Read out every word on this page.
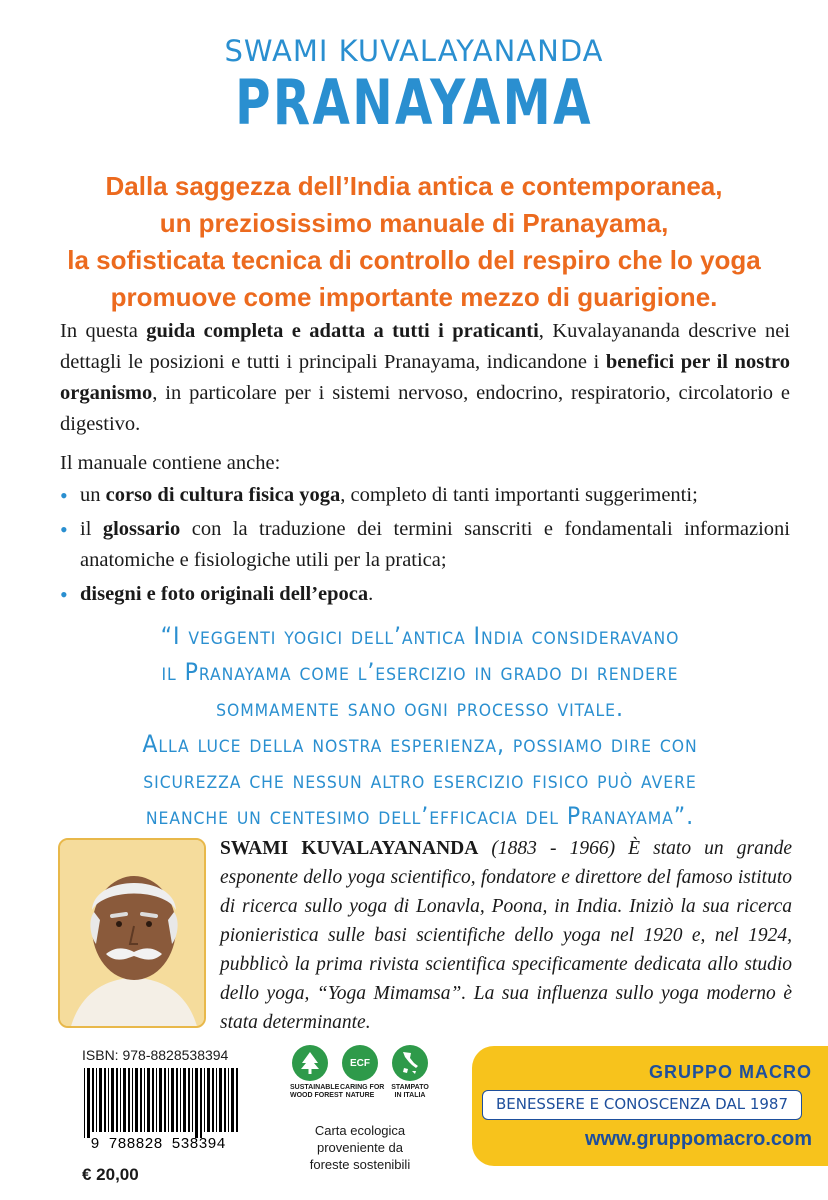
SWAMI KUVALAYANANDA
PRANAYAMA
Dalla saggezza dell’India antica e contemporanea,
un preziosissimo manuale di Pranayama,
la sofisticata tecnica di controllo del respiro che lo yoga
promuove come importante mezzo di guarigione.

In questa guida completa e adatta a tutti i praticanti, Kuvalayananda descrive nei dettagli le posizioni e tutti i principali Pranayama, indicandone i benefici per il nostro organismo, in particolare per i sistemi nervoso, endocrino, respiratorio, circolatorio e digestivo.

Il manuale contiene anche:

• un corso di cultura fisica yoga, completo di tanti importanti suggerimenti;
• il glossario con la traduzione dei termini sanscriti e fondamentali informazioni anatomiche e fisiologiche utili per la pratica;
• disegni e foto originali dell’epoca.
“I veggenti yogici dell’antica India consideravano
il Pranayama come l’esercizio in grado di rendere
sommamente sano ogni processo vitale.
Alla luce della nostra esperienza, possiamo dire con
sicurezza che nessun altro esercizio fisico può avere
neanche un centesimo dell’efficacia del Pranayama”.

SWAMI KUVALAYANANDA (1883 - 1966) È stato un grande esponente dello yoga scientifico, fondatore e direttore del famoso istituto di ricerca sullo yoga di Lonavla, Poona, in India. Iniziò la sua ricerca pionieristica sulle basi scientifiche dello yoga nel 1920 e, nel 1924, pubblicò la prima rivista scientifica specificamente dedicata allo studio dello yoga, “Yoga Mimamsa”. La sua influenza sullo yoga moderno è stata determinante.

ISBN: 978-8828538394
9 788828 538394
€ 20,00
SUSTAINABLE
WOOD FOREST
ECF
CARING FOR
NATURE
STAMPATO
IN ITALIA
Carta ecologica
proveniente da
foreste sostenibili
GRUPPO MACRO
BENESSERE E CONOSCENZA DAL 1987
www.gruppomacro.com
